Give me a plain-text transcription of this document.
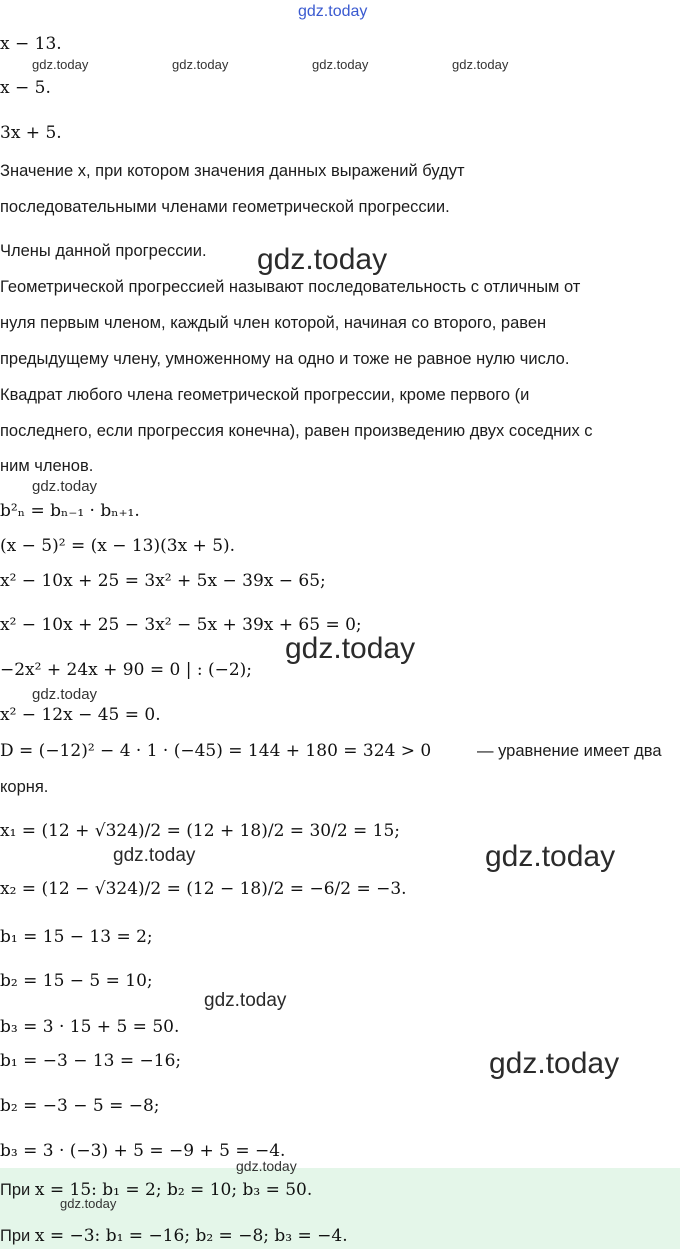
gdz.today
x − 13.
gdz.today	gdz.today	gdz.today	gdz.today
x − 5.
3x + 5.
Значение x, при котором значения данных выражений будут
последовательными членами геометрической прогрессии.
Члены данной прогрессии. gdz.today
Геометрической прогрессией называют последовательность с отличным от
нуля первым членом, каждый член которой, начиная со второго, равен
предыдущему члену, умноженному на одно и тоже не равное нулю число.
Квадрат любого члена геометрической прогрессии, кроме первого (и
последнего, если прогрессия конечна), равен произведению двух соседних с
ним членов.
gdz.today
b²ₙ = bₙ₋₁ · bₙ₊₁.
(x − 5)² = (x − 13)(3x + 5).
x² − 10x + 25 = 3x² + 5x − 39x − 65;
x² − 10x + 25 − 3x² − 5x + 39x + 65 = 0;
−2x² + 24x + 90 = 0 | : (−2);
gdz.today
gdz.today
x² − 12x − 45 = 0.
D = (−12)² − 4 · 1 · (−45) = 144 + 180 = 324 > 0	— уравнение имеет два
корня.
x₁ = (12 + √324)/2 = (12 + 18)/2 = 30/2 = 15;
gdz.today	gdz.today
x₂ = (12 − √324)/2 = (12 − 18)/2 = −6/2 = −3.
b₁ = 15 − 13 = 2;
b₂ = 15 − 5 = 10;
gdz.today
b₃ = 3 · 15 + 5 = 50.
b₁ = −3 − 13 = −16;	gdz.today
b₂ = −3 − 5 = −8;
b₃ = 3 · (−3) + 5 = −9 + 5 = −4.
gdz.today
При x = 15: b₁ = 2; b₂ = 10; b₃ = 50.
gdz.today
При x = −3: b₁ = −16; b₂ = −8; b₃ = −4.
